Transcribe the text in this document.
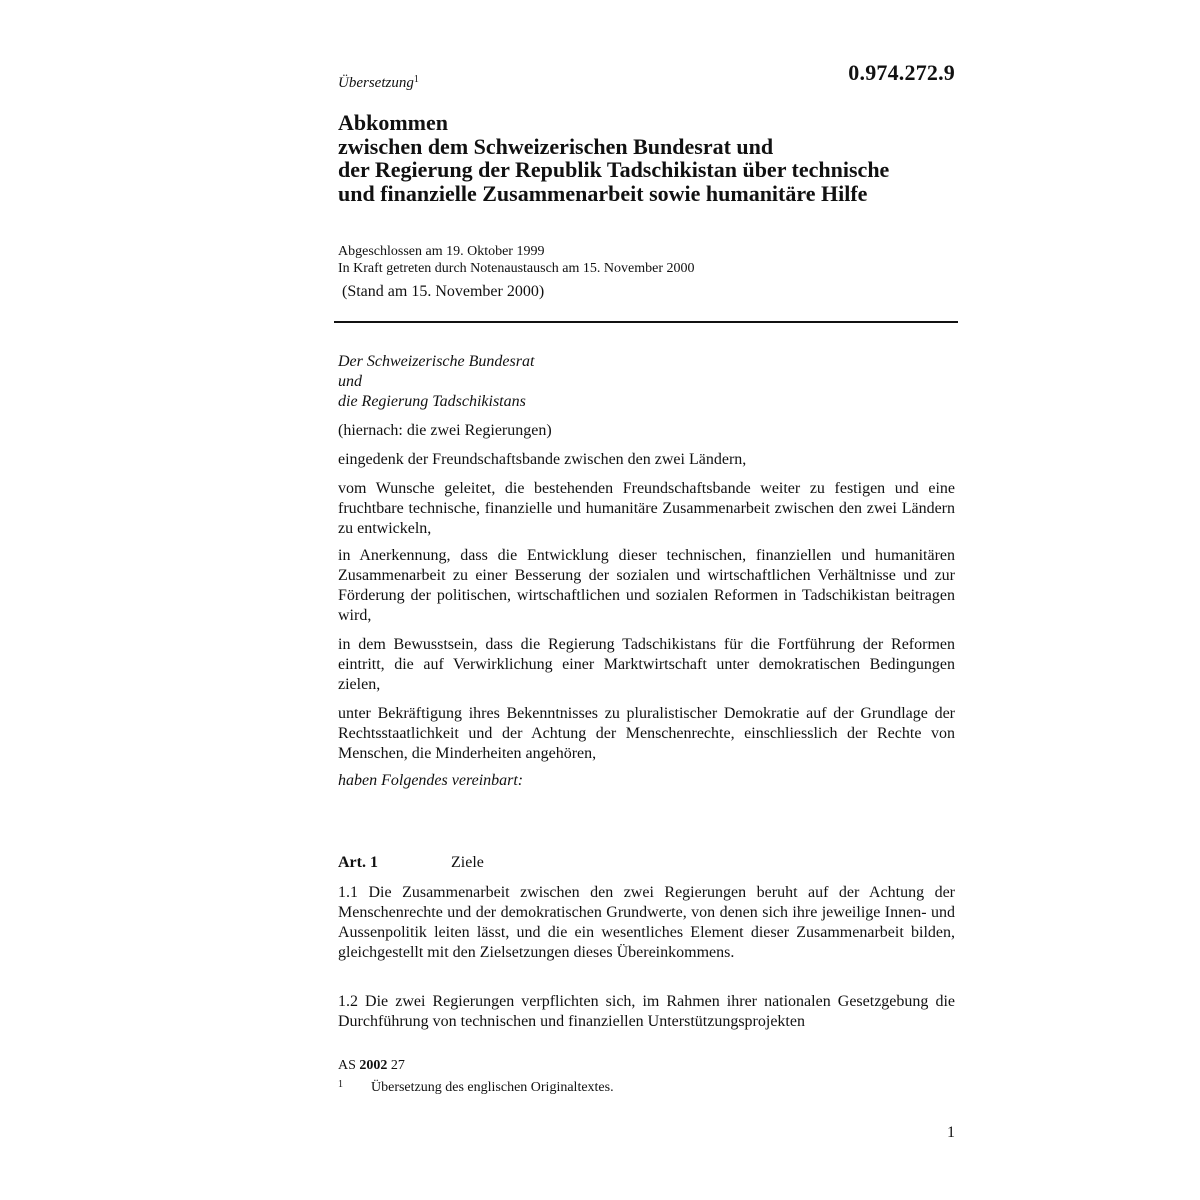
0.974.272.9
Übersetzung$^1$
Abkommen
zwischen dem Schweizerischen Bundesrat und
der Regierung der Republik Tadschikistan über technische
und finanzielle Zusammenarbeit sowie humanitäre Hilfe
Abgeschlossen am 19. Oktober 1999
In Kraft getreten durch Notenaustausch am 15. November 2000
(Stand am 15. November 2000)
Der Schweizerische Bundesrat
und
die Regierung Tadschikistans
(hiernach: die zwei Regierungen)
eingedenk der Freundschaftsbande zwischen den zwei Ländern,
vom Wunsche geleitet, die bestehenden Freundschaftsbande weiter zu festigen und eine fruchtbare technische, finanzielle und humanitäre Zusammenarbeit zwischen den zwei Ländern zu entwickeln,
in Anerkennung, dass die Entwicklung dieser technischen, finanziellen und humanitären Zusammenarbeit zu einer Besserung der sozialen und wirtschaftlichen Verhältnisse und zur Förderung der politischen, wirtschaftlichen und sozialen Reformen in Tadschikistan beitragen wird,
in dem Bewusstsein, dass die Regierung Tadschikistans für die Fortführung der Reformen eintritt, die auf Verwirklichung einer Marktwirtschaft unter demokratischen Bedingungen zielen,
unter Bekräftigung ihres Bekenntnisses zu pluralistischer Demokratie auf der Grundlage der Rechtsstaatlichkeit und der Achtung der Menschenrechte, einschliesslich der Rechte von Menschen, die Minderheiten angehören,
haben Folgendes vereinbart:
Art. 1	Ziele
1.1 Die Zusammenarbeit zwischen den zwei Regierungen beruht auf der Achtung der Menschenrechte und der demokratischen Grundwerte, von denen sich ihre jeweilige Innen- und Aussenpolitik leiten lässt, und die ein wesentliches Element dieser Zusammenarbeit bilden, gleichgestellt mit den Zielsetzungen dieses Übereinkommens.
1.2 Die zwei Regierungen verpflichten sich, im Rahmen ihrer nationalen Gesetzgebung die Durchführung von technischen und finanziellen Unterstützungsprojekten
AS 2002 27
1 Übersetzung des englischen Originaltextes.
1
